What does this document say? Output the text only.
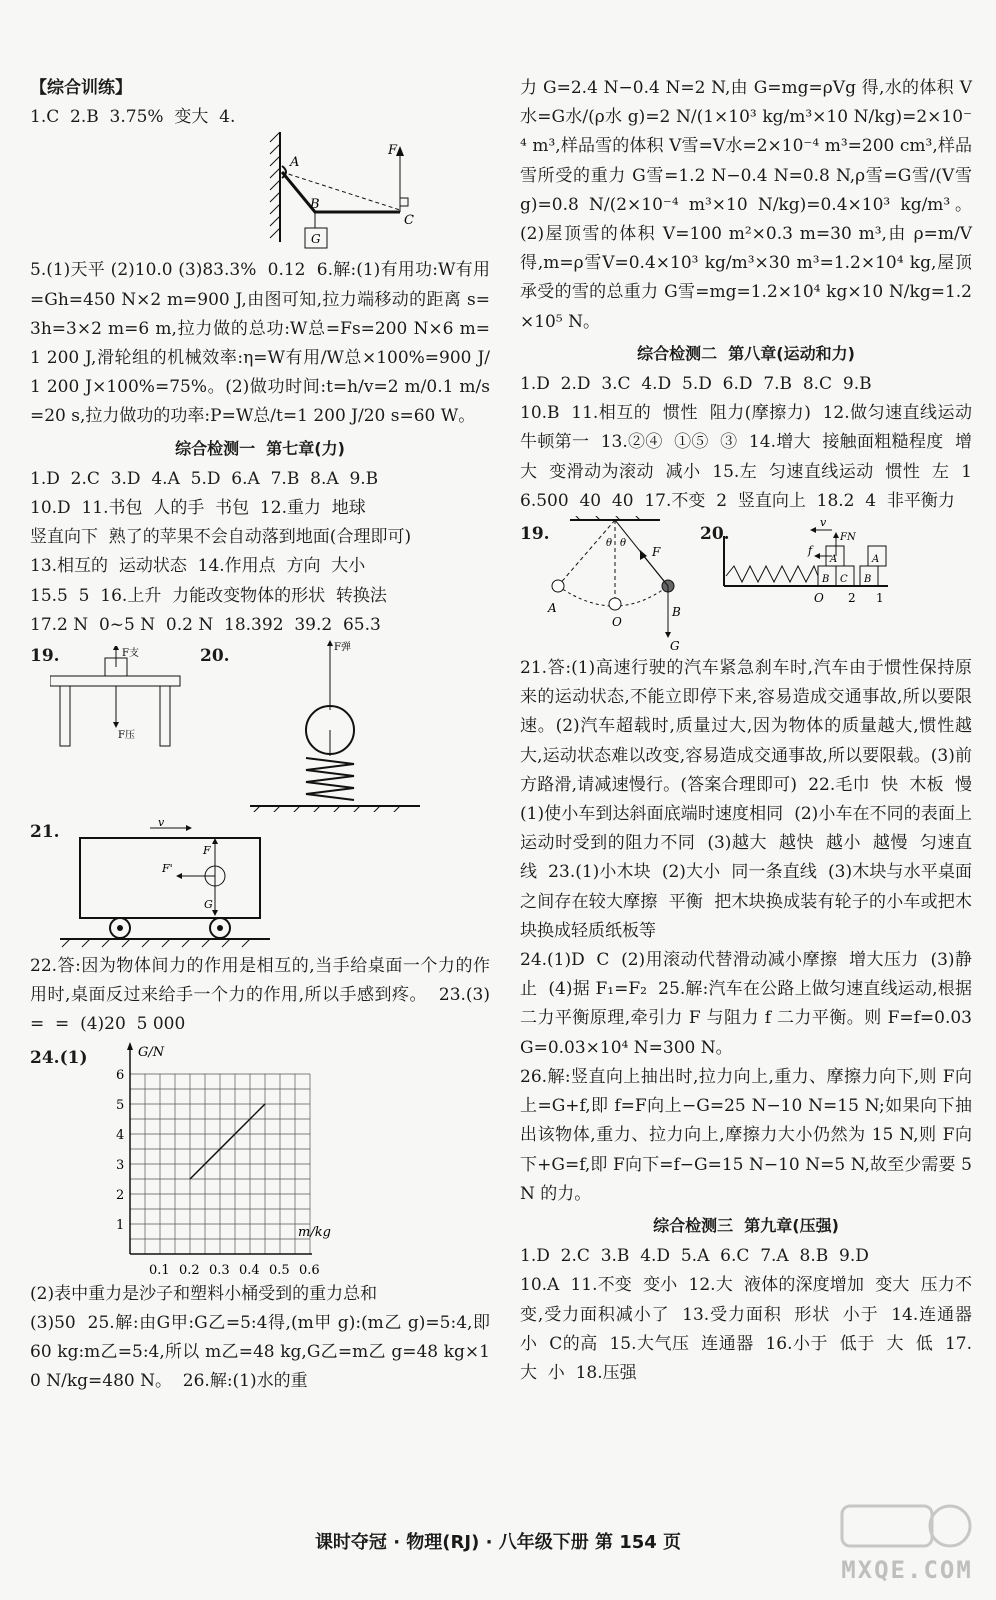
【综合训练】

1.C  2.B  3.75%  变大  4.

A
B
C
F
G

5.(1)天平 (2)10.0 (3)83.3%  0.12  6.解:(1)有用功:W有用=Gh=450 N×2 m=900 J,由图可知,拉力端移动的距离 s=3h=3×2 m=6 m,拉力做的总功:W总=Fs=200 N×6 m=1 200 J,滑轮组的机械效率:η=W有用/W总×100%=900 J/1 200 J×100%=75%。(2)做功时间:t=h/v=2 m/0.1 m/s=20 s,拉力做功的功率:P=W总/t=1 200 J/20 s=60 W。

综合检测一  第七章(力)

1.D  2.C  3.D  4.A  5.D  6.A  7.B  8.A  9.B
10.D  11.书包  人的手  书包  12.重力  地球
竖直向下  熟了的苹果不会自动落到地面(合理即可)
13.相互的  运动状态  14.作用点  方向  大小
15.5  5  16.上升  力能改变物体的形状  转换法
17.2 N  0~5 N  0.2 N  18.392  39.2  65.3

19.	F支
F压
20.	F弹
21.	v
F
F'
G

22.答:因为物体间力的作用是相互的,当手给桌面一个力的作用时,桌面反过来给手一个力的作用,所以手感到疼。  23.(3)=  =  (4)20  5 000

24.(1)	G/N
m/kg
1
2
3
4
5
6
0.1 0.2 0.3 0.4 0.5 0.6

(2)表中重力是沙子和塑料小桶受到的重力总和
(3)50  25.解:由G甲:G乙=5:4得,(m甲 g):(m乙 g)=5:4,即 60 kg:m乙=5:4,所以 m乙=48 kg,G乙=m乙 g=48 kg×10 N/kg=480 N。  26.解:(1)水的重

力 G=2.4 N−0.4 N=2 N,由 G=mg=ρVg 得,水的体积 V水=G水/(ρ水 g)=2 N/(1×10³ kg/m³×10 N/kg)=2×10⁻⁴ m³,样品雪的体积 V雪=V水=2×10⁻⁴ m³=200 cm³,样品雪所受的重力 G雪=1.2 N−0.4 N=0.8 N,ρ雪=G雪/(V雪 g)=0.8 N/(2×10⁻⁴ m³×10 N/kg)=0.4×10³ kg/m³。(2)屋顶雪的体积 V=100 m²×0.3 m=30 m³,由 ρ=m/V 得,m=ρ雪V=0.4×10³ kg/m³×30 m³=1.2×10⁴ kg,屋顶承受的雪的总重力 G雪=mg=1.2×10⁴ kg×10 N/kg=1.2×10⁵ N。

综合检测二  第八章(运动和力)

1.D  2.D  3.C  4.D  5.D  6.D  7.B  8.C  9.B
10.B  11.相互的  惯性  阻力(摩擦力)  12.做匀速直线运动  牛顿第一  13.②④  ①⑤  ③  14.增大  接触面粗糙程度  增大  变滑动为滚动  减小  15.左  匀速直线运动  惯性  左  16.500  40  40  17.不变  2  竖直向上  18.2  4  非平衡力

19.	θ θ
A
O
B
F
G
20.
v
FN
f
A
B C
A
B
O 2 1

21.答:(1)高速行驶的汽车紧急刹车时,汽车由于惯性保持原来的运动状态,不能立即停下来,容易造成交通事故,所以要限速。(2)汽车超载时,质量过大,因为物体的质量越大,惯性越大,运动状态难以改变,容易造成交通事故,所以要限载。(3)前方路滑,请减速慢行。(答案合理即可)  22.毛巾  快  木板  慢  (1)使小车到达斜面底端时速度相同  (2)小车在不同的表面上运动时受到的阻力不同  (3)越大  越快  越小  越慢  匀速直线  23.(1)小木块  (2)大小  同一条直线  (3)木块与水平桌面之间存在较大摩擦  平衡  把木块换成装有轮子的小车或把木块换成轻质纸板等
24.(1)D  C  (2)用滚动代替滑动减小摩擦  增大压力  (3)静止  (4)据 F₁=F₂  25.解:汽车在公路上做匀速直线运动,根据二力平衡原理,牵引力 F 与阻力 f 二力平衡。则 F=f=0.03 G=0.03×10⁴ N=300 N。
26.解:竖直向上抽出时,拉力向上,重力、摩擦力向下,则 F向上=G+f,即 f=F向上−G=25 N−10 N=15 N;如果向下抽出该物体,重力、拉力向上,摩擦力大小仍然为 15 N,则 F向下+G=f,即 F向下=f−G=15 N−10 N=5 N,故至少需要 5 N 的力。

综合检测三  第九章(压强)

1.D  2.C  3.B  4.D  5.A  6.C  7.A  8.B  9.D
10.A  11.不变  变小  12.大  液体的深度增加  变大  压力不变,受力面积减小了  13.受力面积  形状  小于  14.连通器  小  C的高  15.大气压  连通器  16.小于  低于  大  低  17.大  小  18.压强

课时夺冠 · 物理(RJ) · 八年级下册 第 154 页
MXQE.COM
